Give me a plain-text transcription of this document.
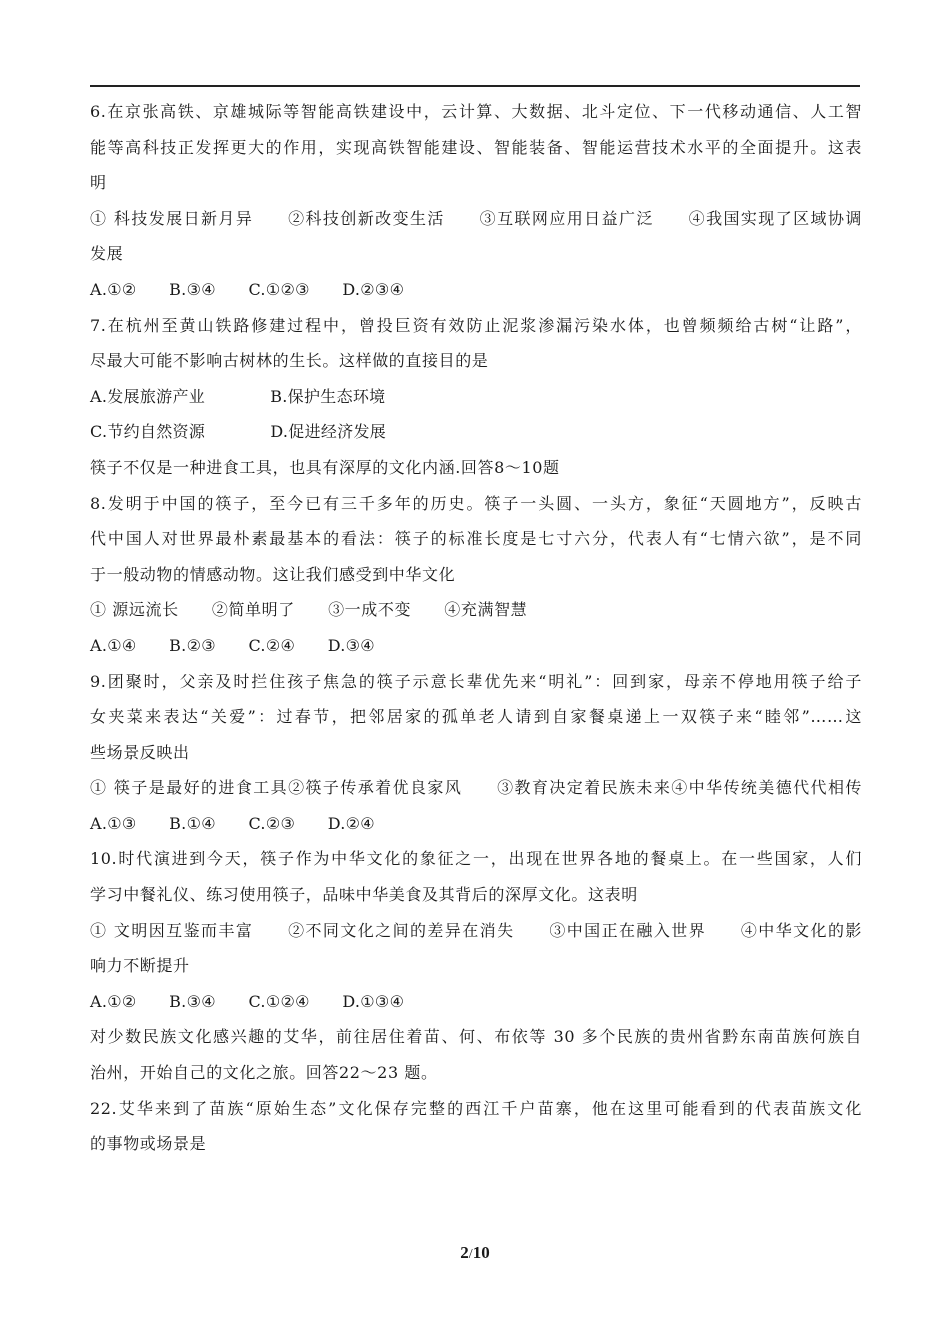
6.在京张高铁、京雄城际等智能高铁建设中，云计算、大数据、北斗定位、下一代移动通信、人工智
能等高科技正发挥更大的作用，实现高铁智能建设、智能装备、智能运营技术水平的全面提升。这表
明
① 科技发展日新月异　　②科技创新改变生活　　③互联网应用日益广泛　　④我国实现了区域协调
发展
A.①②　　B.③④　　C.①②③　　D.②③④
7.在杭州至黄山铁路修建过程中，曾投巨资有效防止泥浆渗漏污染水体，也曾频频给古树“让路”，
尽最大可能不影响古树林的生长。这样做的直接目的是
A.发展旅游产业　　　　B.保护生态环境
C.节约自然资源　　　　D.促进经济发展
筷子不仅是一种进食工具，也具有深厚的文化内涵.回答8～10题
8.发明于中国的筷子，至今已有三千多年的历史。筷子一头圆、一头方，象征“天圆地方”，反映古
代中国人对世界最朴素最基本的看法：筷子的标准长度是七寸六分，代表人有“七情六欲”，是不同
于一般动物的情感动物。这让我们感受到中华文化
① 源远流长　　②简单明了　　③一成不变　　④充满智慧
A.①④　　B.②③　　C.②④　　D.③④
9.团聚时，父亲及时拦住孩子焦急的筷子示意长辈优先来“明礼”：回到家，母亲不停地用筷子给子
女夹菜来表达“关爱”：过春节，把邻居家的孤单老人请到自家餐桌递上一双筷子来“睦邻”……这
些场景反映出
① 筷子是最好的进食工具②筷子传承着优良家风　　③教育决定着民族未来④中华传统美德代代相传
A.①③　　B.①④　　C.②③　　D.②④
10.时代演进到今天，筷子作为中华文化的象征之一，出现在世界各地的餐桌上。在一些国家，人们
学习中餐礼仪、练习使用筷子，品味中华美食及其背后的深厚文化。这表明
① 文明因互鉴而丰富　　②不同文化之间的差异在消失　　③中国正在融入世界　　④中华文化的影
响力不断提升
A.①②　　B.③④　　C.①②④　　D.①③④
对少数民族文化感兴趣的艾华，前往居住着苗、何、布依等 30 多个民族的贵州省黔东南苗族何族自
治州，开始自己的文化之旅。回答22～23 题。
22.艾华来到了苗族“原始生态”文化保存完整的西江千户苗寨，他在这里可能看到的代表苗族文化
的事物或场景是
2/10
